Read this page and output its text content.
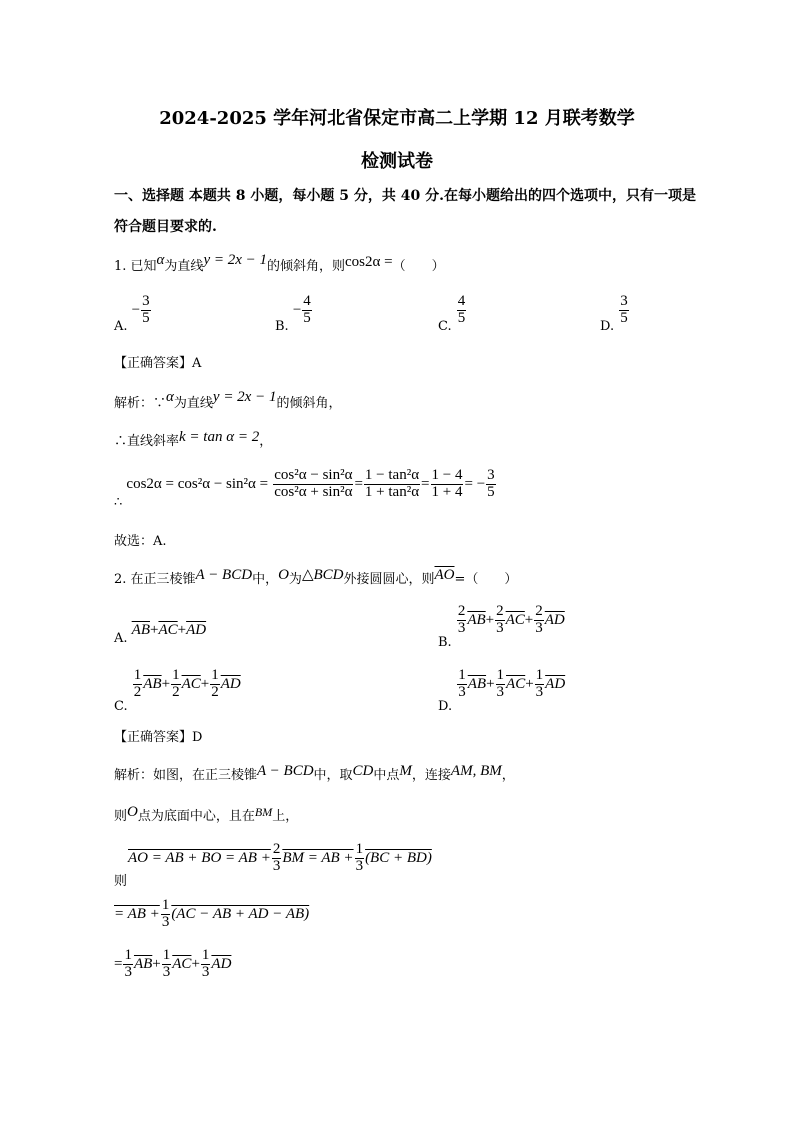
2024-2025 学年河北省保定市高二上学期 12 月联考数学
检测试卷
一、选择题 本题共 8 小题，每小题 5 分，共 40 分.在每小题给出的四个选项中，只有一项是
符合题目要求的.
1. 已知α为直线y = 2x − 1的倾斜角，则cos2α =（　　）
A. − $\frac{3}{5}$	B. − $\frac{4}{5}$	C. $\frac{4}{5}$	D. $\frac{3}{5}$
【正确答案】A
解析：∵α为直线y = 2x − 1的倾斜角，
∴直线斜率k = tan α = 2，
∴ $\cos 2\alpha = \cos^2\alpha - \sin^2\alpha = \frac{\text{cos²α − sin²α}}{\text{cos²α + sin²α}} = \frac{\text{1 − tan²α}}{\text{1 + tan²α}} = \frac{1 - 4}{1 + 4}$ = − $\frac{3}{5}$
故选：A.
2. 在正三棱锥A − BCD中，O为△BCD外接圆圆心，则$\overline{AO}=$（　　）
A. $\overline{AB}+\overline{AC}+\overline{AD}$
B.
$\frac{2}{3} \overline{AB}+ \frac{2}{3} \overline{AC}+ \frac{2}{3} \overline{AD}$
C.
$\frac{1}{2} \overline{AB}+ \frac{1}{2} \overline{AC}+ \frac{1}{2} \overline{AD}$
D.
$\frac{1}{3} \overline{AB}+ \frac{1}{3} \overline{AC}+ \frac{1}{3} \overline{AD}$
【正确答案】D
解析：如图，在正三棱锥A − BCD中，取CD中点M，连接AM, BM，
则O点为底面中心，且在BM上，
AO = AB + BO = AB + $\frac{2}{3}$ BM = AB + $\frac{1}{3} (BC + BD)$
则
= AB + $\frac{1}{3} (AC$ − AB + AD − AB)
= $\frac{1}{3} \overline{AB}+ \frac{1}{3} \overline{AC}+ \frac{1}{3} \overline{AD}$
